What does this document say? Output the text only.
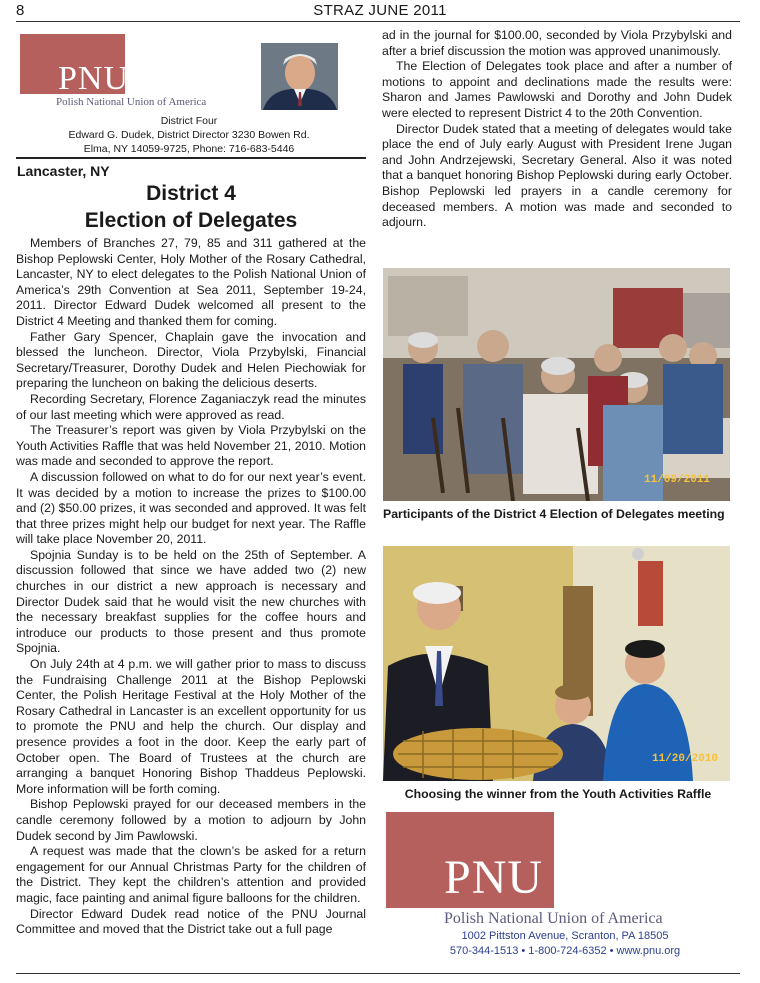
8	STRAZ JUNE 2011
PNU
Polish National Union of America
District Four
Edward G. Dudek, District Director 3230 Bowen Rd.
Elma, NY 14059-9725, Phone: 716-683-5446
Lancaster, NY
District 4
Election of Delegates

Members of Branches 27, 79, 85 and 311 gathered at the Bishop Peplowski Center, Holy Mother of the Rosary Cathedral, Lancaster, NY to elect delegates to the Polish National Union of America’s 29th Convention at Sea 2011, September 19-24, 2011. Director Edward Dudek welcomed all present to the District 4 Meeting and thanked them for coming.

Father Gary Spencer, Chaplain gave the invocation and blessed the luncheon. Director, Viola Przybylski, Financial Secretary/Treasurer, Dorothy Dudek and Helen Piechowiak for preparing the luncheon on baking the delicious deserts.

Recording Secretary, Florence Zaganiaczyk read the minutes of our last meeting which were approved as read.

The Treasurer’s report was given by Viola Przybylski on the Youth Activities Raffle that was held November 21, 2010. Motion was made and seconded to approve the report.

A discussion followed on what to do for our next year’s event. It was decided by a motion to increase the prizes to $100.00 and (2) $50.00 prizes, it was seconded and approved. It was felt that three prizes might help our budget for next year. The Raffle will take place November 20, 2011.

Spojnia Sunday is to be held on the 25th of September. A discussion followed that since we have added two (2) new churches in our district a new approach is necessary and Director Dudek said that he would visit the new churches with the necessary breakfast supplies for the coffee hours and introduce our products to those present and thus promote Spojnia.

On July 24th at 4 p.m. we will gather prior to mass to discuss the Fundraising Challenge 2011 at the Bishop Peplowski Center, the Polish Heritage Festival at the Holy Mother of the Rosary Cathedral in Lancaster is an excellent opportunity for us to promote the PNU and help the church. Our display and presence provides a foot in the door. Keep the early part of October open. The Board of Trustees at the church are arranging a banquet Honoring Bishop Thaddeus Peplowski. More information will be forth coming.

Bishop Peplowski prayed for our deceased members in the candle ceremony followed by a motion to adjourn by John Dudek second by Jim Pawlowski.

A request was made that the clown’s be asked for a return engagement for our Annual Christmas Party for the children of the District. They kept the children’s attention and provided magic, face painting and animal figure balloons for the children.

Director Edward Dudek read notice of the PNU Journal Committee and moved that the District take out a full page

ad in the journal for $100.00, seconded by Viola Przybylski and after a brief discussion the motion was approved unanimously.

The Election of Delegates took place and after a number of motions to appoint and declinations made the results were: Sharon and James Pawlowski and Dorothy and John Dudek were elected to represent District 4 to the 20th Convention.

Director Dudek stated that a meeting of delegates would take place the end of July early August with President Irene Jugan and John Andrzejewski, Secretary General. Also it was noted that a banquet honoring Bishop Peplowski during early October. Bishop Peplowski led prayers in a candle ceremony for deceased members. A motion was made and seconded to adjourn.

11/09/2011
Participants of the District 4 Election of Delegates meeting
11/20/2010
Choosing the winner from the Youth Activities Raffle
PNU
Polish National Union of America
1002 Pittston Avenue, Scranton, PA 18505
570-344-1513 • 1-800-724-6352 • www.pnu.org
